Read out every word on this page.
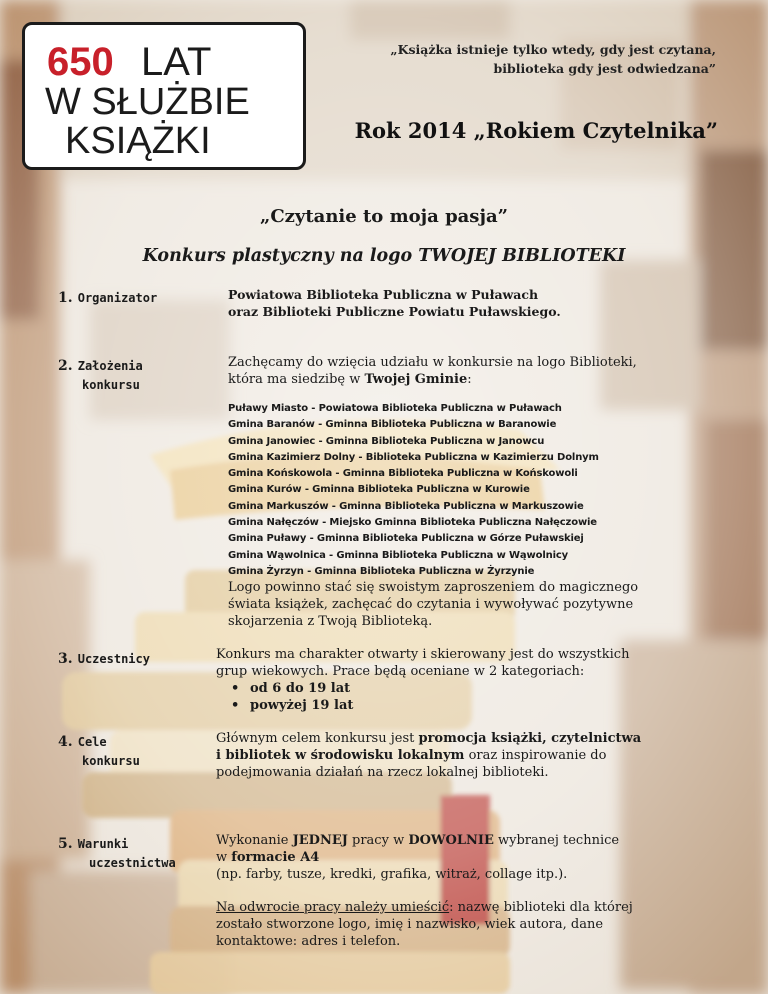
650 LAT
W SŁUŻBIE
KSIĄŻKI
„Książka istnieje tylko wtedy, gdy jest czytana,
biblioteka gdy jest odwiedzana”
Rok 2014 „Rokiem Czytelnika”
„Czytanie to moja pasja”
Konkurs plastyczny na logo TWOJEJ BIBLIOTEKI
1. Organizator	Powiatowa Biblioteka Publiczna w Puławach
oraz Biblioteki Publiczne Powiatu Puławskiego.
2. Założenia
konkursu
Zachęcamy do wzięcia udziału w konkursie na logo Biblioteki,
która ma siedzibę w Twojej Gminie:
Puławy Miasto - Powiatowa Biblioteka Publiczna w Puławach
Gmina Baranów - Gminna Biblioteka Publiczna w Baranowie
Gmina Janowiec - Gminna Biblioteka Publiczna w Janowcu
Gmina Kazimierz Dolny - Biblioteka Publiczna w Kazimierzu Dolnym
Gmina Końskowola - Gminna Biblioteka Publiczna w Końskowoli
Gmina Kurów - Gminna Biblioteka Publiczna w Kurowie
Gmina Markuszów - Gminna Biblioteka Publiczna w Markuszowie
Gmina Nałęczów - Miejsko Gminna Biblioteka Publiczna Nałęczowie
Gmina Puławy - Gminna Biblioteka Publiczna w Górze Puławskiej
Gmina Wąwolnica - Gminna Biblioteka Publiczna w Wąwolnicy
Gmina Żyrzyn - Gminna Biblioteka Publiczna w Żyrzynie
Logo powinno stać się swoistym zaproszeniem do magicznego
świata książek, zachęcać do czytania i wywoływać pozytywne
skojarzenia z Twoją Biblioteką.
3. Uczestnicy	Konkurs ma charakter otwarty i skierowany jest do wszystkich
grup wiekowych. Prace będą oceniane w 2 kategoriach:
• od 6 do 19 lat
• powyżej 19 lat
4. Cele
konkursu
Głównym celem konkursu jest promocja książki, czytelnictwa
i bibliotek w środowisku lokalnym oraz inspirowanie do
podejmowania działań na rzecz lokalnej biblioteki.
5. Warunki
uczestnictwa
Wykonanie JEDNEJ pracy w DOWOLNIE wybranej technice
w formacie A4
(np. farby, tusze, kredki, grafika, witraż, collage itp.).
Na odwrocie pracy należy umieścić: nazwę biblioteki dla której
zostało stworzone logo, imię i nazwisko, wiek autora, dane
kontaktowe: adres i telefon.
